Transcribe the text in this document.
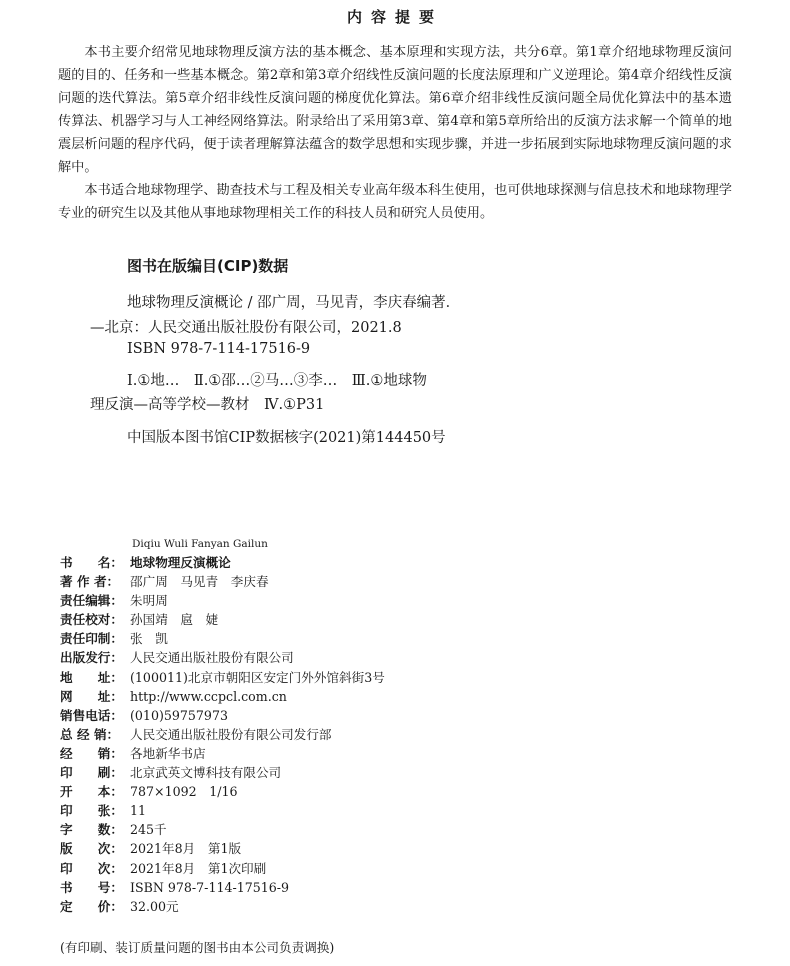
内容提要

本书主要介绍常见地球物理反演方法的基本概念、基本原理和实现方法，共分6章。第1章介绍地球物理反演问题的目的、任务和一些基本概念。第2章和第3章介绍线性反演问题的长度法原理和广义逆理论。第4章介绍线性反演问题的迭代算法。第5章介绍非线性反演问题的梯度优化算法。第6章介绍非线性反演问题全局优化算法中的基本遗传算法、机器学习与人工神经网络算法。附录给出了采用第3章、第4章和第5章所给出的反演方法求解一个简单的地震层析问题的程序代码，便于读者理解算法蕴含的数学思想和实现步骤，并进一步拓展到实际地球物理反演问题的求解中。

本书适合地球物理学、勘查技术与工程及相关专业高年级本科生使用，也可供地球探测与信息技术和地球物理学专业的研究生以及其他从事地球物理相关工作的科技人员和研究人员使用。

图书在版编目(CIP)数据
地球物理反演概论 / 邵广周，马见青，李庆春编著．
—北京：人民交通出版社股份有限公司，2021.8
ISBN 978-7-114-17516-9
Ⅰ.①地…　Ⅱ.①邵…②马…③李…　Ⅲ.①地球物
理反演—高等学校—教材　Ⅳ.①P31
中国版本图书馆CIP数据核字(2021)第144450号
Diqiu Wuli Fanyan Gailun
书　　名： 地球物理反演概论
著 作 者： 邵广周　马见青　李庆春
责任编辑： 朱明周
责任校对： 孙国靖　扈　婕
责任印制： 张　凯
出版发行： 人民交通出版社股份有限公司
地　　址： (100011)北京市朝阳区安定门外外馆斜街3号
网　　址： http://www.ccpcl.com.cn
销售电话： (010)59757973
总 经 销： 人民交通出版社股份有限公司发行部
经　　销： 各地新华书店
印　　刷： 北京武英文博科技有限公司
开　　本： 787×1092　1/16
印　　张： 11
字　　数： 245千
版　　次： 2021年8月　第1版
印　　次： 2021年8月　第1次印刷
书　　号： ISBN 978-7-114-17516-9
定　　价： 32.00元
(有印刷、装订质量问题的图书由本公司负责调换)
